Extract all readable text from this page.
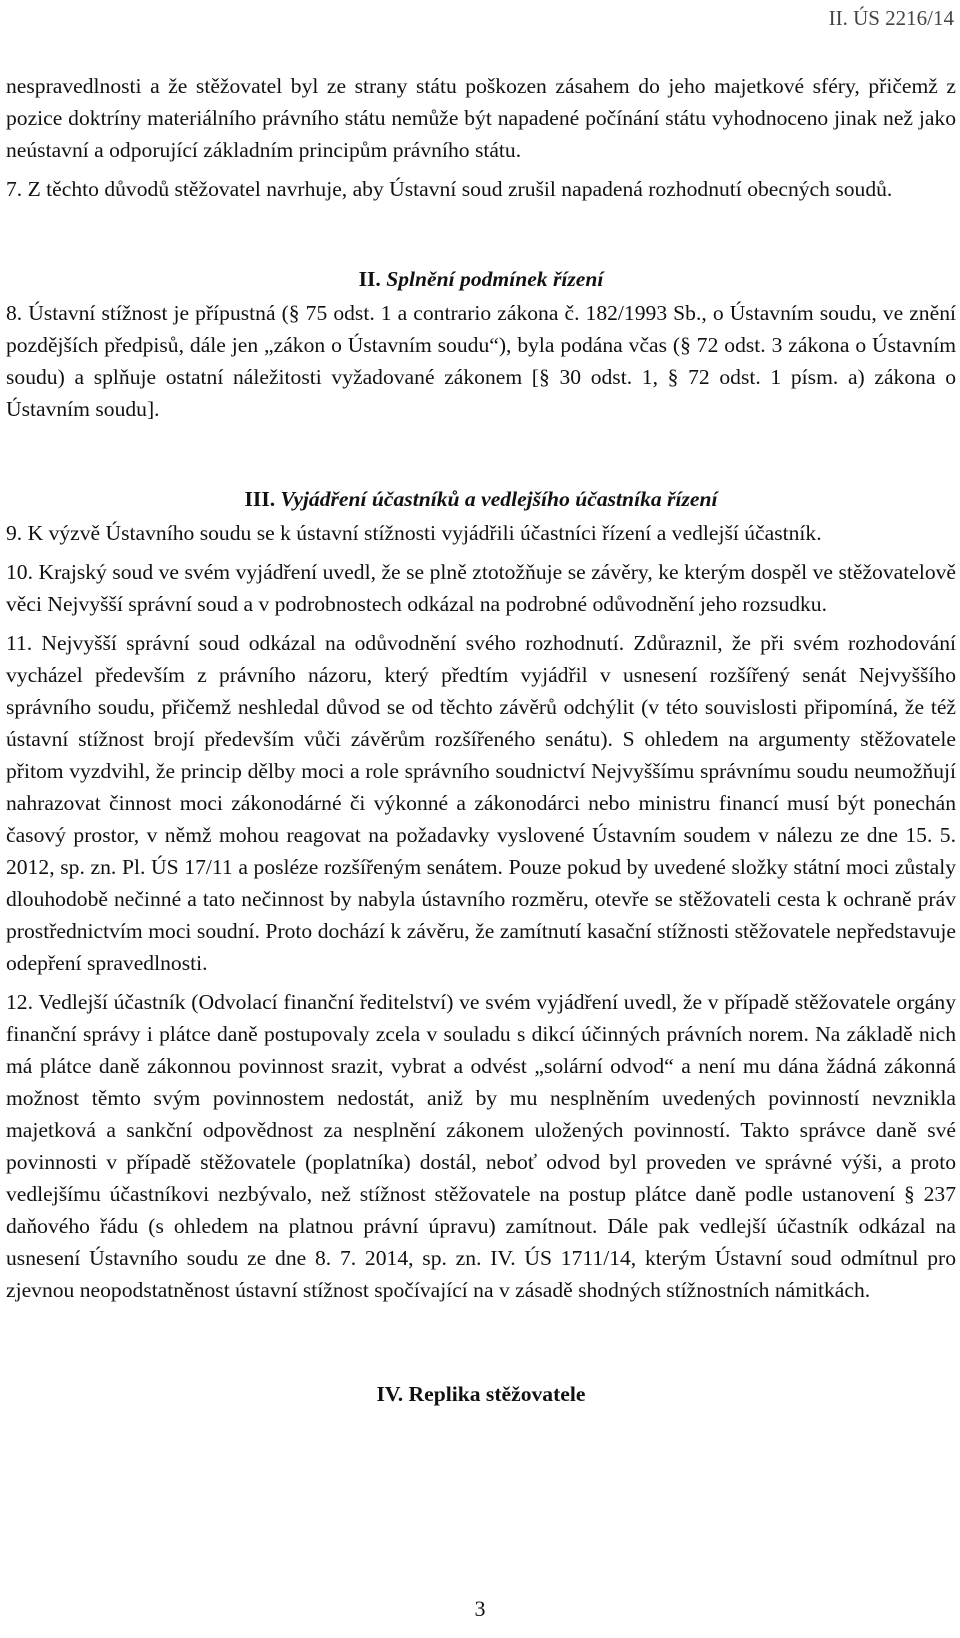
II. ÚS 2216/14

nespravedlnosti a že stěžovatel byl ze strany státu poškozen zásahem do jeho majetkové sféry, přičemž z pozice doktríny materiálního právního státu nemůže být napadené počínání státu vyhodnoceno jinak než jako neústavní a odporující základním principům právního státu.

7. Z těchto důvodů stěžovatel navrhuje, aby Ústavní soud zrušil napadená rozhodnutí obecných soudů.

II. Splnění podmínek řízení

8. Ústavní stížnost je přípustná (§ 75 odst. 1 a contrario zákona č. 182/1993 Sb., o Ústavním soudu, ve znění pozdějších předpisů, dále jen „zákon o Ústavním soudu“), byla podána včas (§ 72 odst. 3 zákona o Ústavním soudu) a splňuje ostatní náležitosti vyžadované zákonem [§ 30 odst. 1, § 72 odst. 1 písm. a) zákona o Ústavním soudu].

III. Vyjádření účastníků a vedlejšího účastníka řízení

9. K výzvě Ústavního soudu se k ústavní stížnosti vyjádřili účastníci řízení a vedlejší účastník.

10. Krajský soud ve svém vyjádření uvedl, že se plně ztotožňuje se závěry, ke kterým dospěl ve stěžovatelově věci Nejvyšší správní soud a v podrobnostech odkázal na podrobné odůvodnění jeho rozsudku.

11. Nejvyšší správní soud odkázal na odůvodnění svého rozhodnutí. Zdůraznil, že při svém rozhodování vycházel především z právního názoru, který předtím vyjádřil v usnesení rozšířený senát Nejvyššího správního soudu, přičemž neshledal důvod se od těchto závěrů odchýlit (v této souvislosti připomíná, že též ústavní stížnost brojí především vůči závěrům rozšířeného senátu). S ohledem na argumenty stěžovatele přitom vyzdvihl, že princip dělby moci a role správního soudnictví Nejvyššímu správnímu soudu neumožňují nahrazovat činnost moci zákonodárné či výkonné a zákonodárci nebo ministru financí musí být ponechán časový prostor, v němž mohou reagovat na požadavky vyslovené Ústavním soudem v nálezu ze dne 15. 5. 2012, sp. zn. Pl. ÚS 17/11 a posléze rozšířeným senátem. Pouze pokud by uvedené složky státní moci zůstaly dlouhodobě nečinné a tato nečinnost by nabyla ústavního rozměru, otevře se stěžovateli cesta k ochraně práv prostřednictvím moci soudní. Proto dochází k závěru, že zamítnutí kasační stížnosti stěžovatele nepředstavuje odepření spravedlnosti.

12. Vedlejší účastník (Odvolací finanční ředitelství) ve svém vyjádření uvedl, že v případě stěžovatele orgány finanční správy i plátce daně postupovaly zcela v souladu s dikcí účinných právních norem. Na základě nich má plátce daně zákonnou povinnost srazit, vybrat a odvést „solární odvod“ a není mu dána žádná zákonná možnost těmto svým povinnostem nedostát, aniž by mu nesplněním uvedených povinností nevznikla majetková a sankční odpovědnost za nesplnění zákonem uložených povinností. Takto správce daně své povinnosti v případě stěžovatele (poplatníka) dostál, neboť odvod byl proveden ve správné výši, a proto vedlejšímu účastníkovi nezbývalo, než stížnost stěžovatele na postup plátce daně podle ustanovení § 237 daňového řádu (s ohledem na platnou právní úpravu) zamítnout. Dále pak vedlejší účastník odkázal na usnesení Ústavního soudu ze dne 8. 7. 2014, sp. zn. IV. ÚS 1711/14, kterým Ústavní soud odmítnul pro zjevnou neopodstatněnost ústavní stížnost spočívající na v zásadě shodných stížnostních námitkách.

IV. Replika stěžovatele
3
